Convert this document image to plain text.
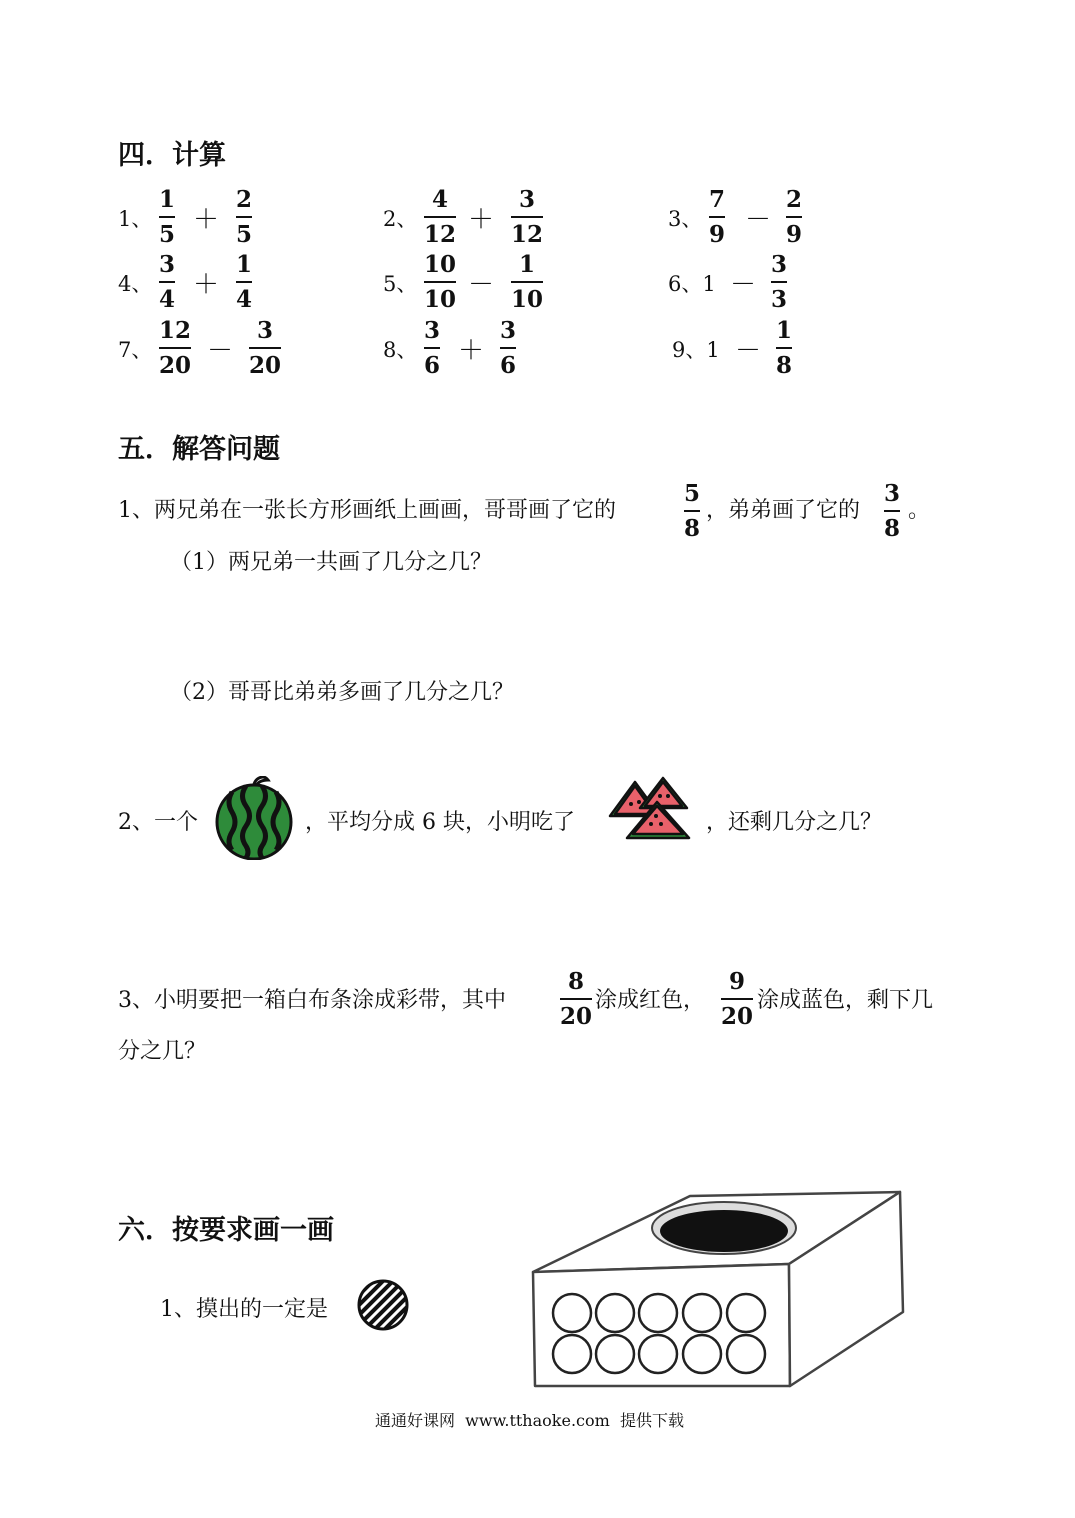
四．计算
1、
1
5 ＋
2
5
2、
4
12 ＋
3
12
3、
7
9 －
2
9
4、
3
4 ＋
1
4
5、
10
10 －
1
10
6、1 －
3
3
7、
12
20 －
3
20
8、
3
6 ＋
3
6
9、1 －
1
8
五．解答问题
1、两兄弟在一张长方形画纸上画画，哥哥画了它的
5
8
，弟弟画了它的
3
8
。
（1）两兄弟一共画了几分之几？
（2）哥哥比弟弟多画了几分之几？
2、一个	，平均分成 6 块，小明吃了	，还剩几分之几？
3、小明要把一箱白布条涂成彩带，其中
8
20
涂成红色，
9
20
涂成蓝色，剩下几
分之几？
六．按要求画一画
1、摸出的一定是
通通好课网  www.tthaoke.com  提供下载
